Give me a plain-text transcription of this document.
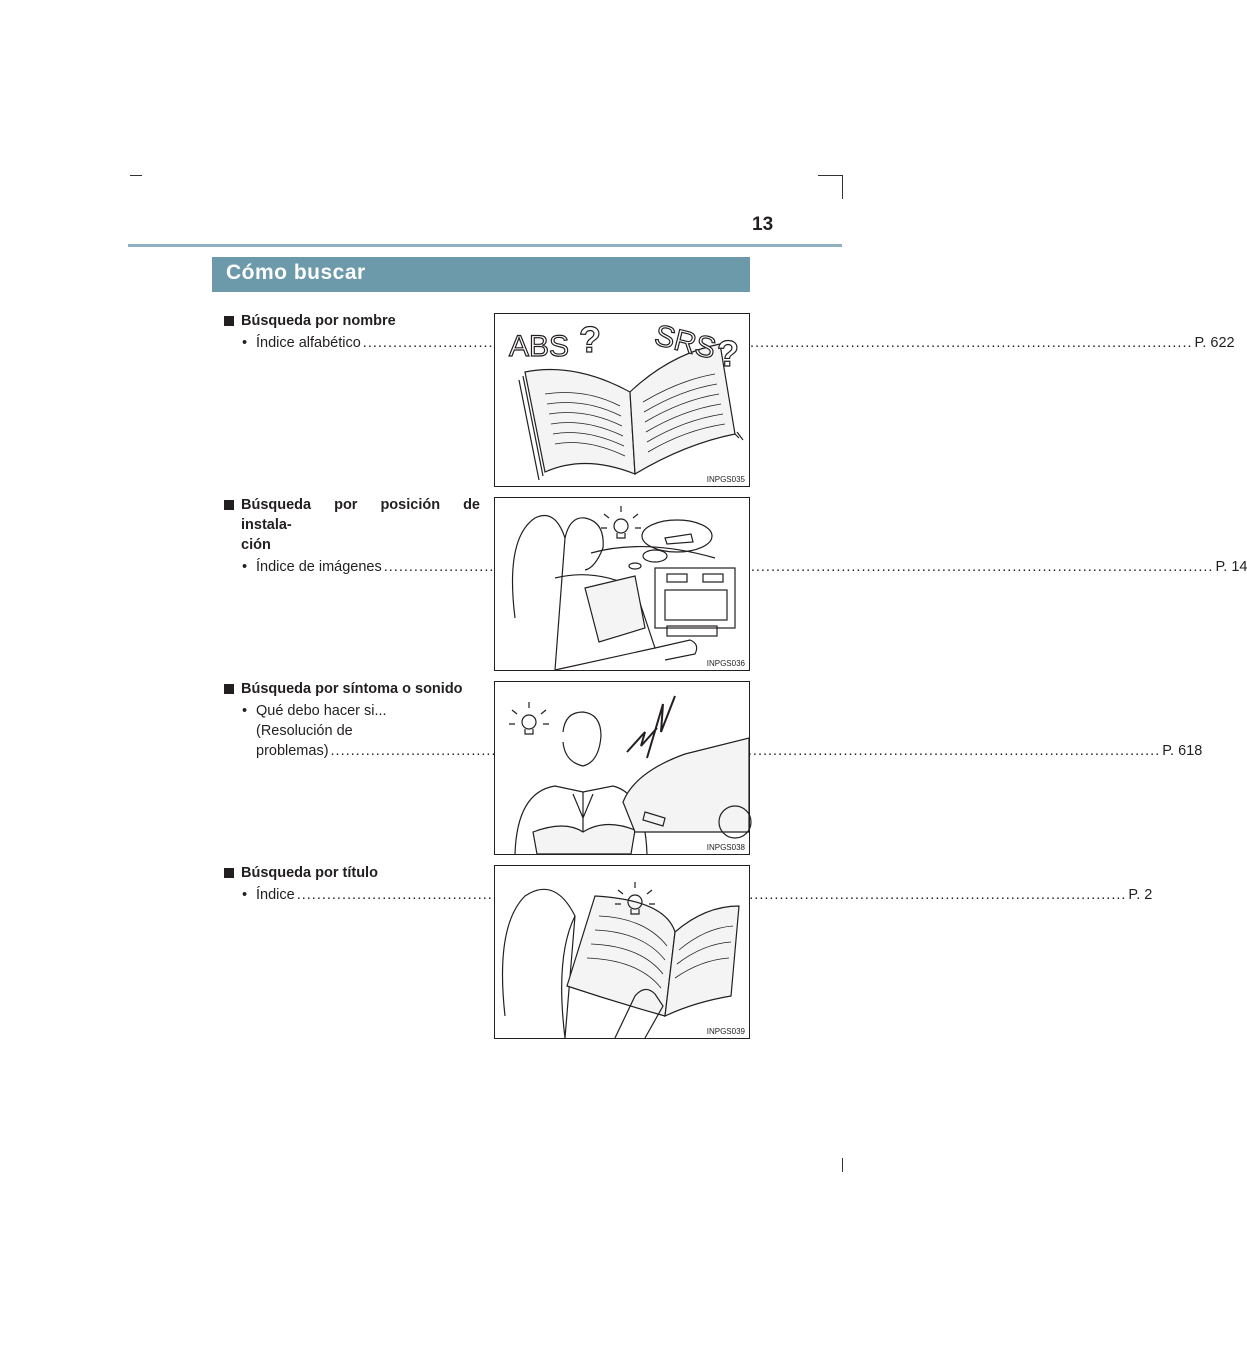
13
Cómo buscar
Búsqueda por nombre
• Índice alfabético .....	P. 622
Búsqueda por posición de instala-
ción
• Índice de imágenes .....	P. 14
Búsqueda por síntoma o sonido
• Qué debo hacer si...
(Resolución de
problemas) .....	P. 618
Búsqueda por título
• Índice .....	P. 2
ABS ? SRS
?
INPGS035
INPGS036
INPGS038
INPGS039
